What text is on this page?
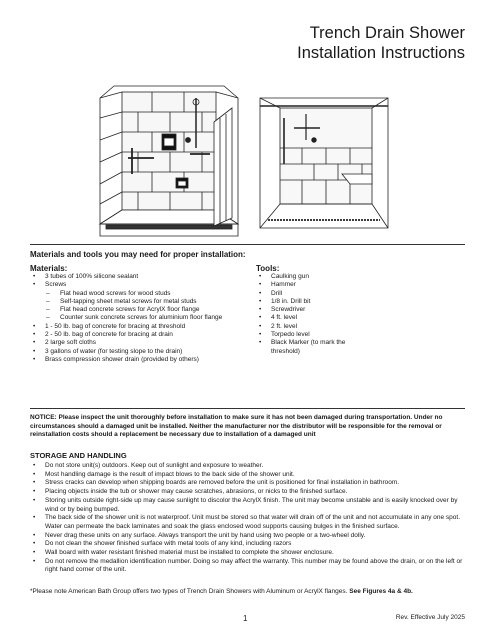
Trench Drain Shower
Installation Instructions
Materials and tools you may need for proper installation:
Materials:
• 3 tubes of 100% silicone sealant
• Screws
– Flat head wood screws for wood studs
– Self-tapping sheet metal screws for metal studs
– Flat head concrete screws for AcrylX floor flange
– Counter sunk concrete screws for aluminium floor flange
• 1 - 50 lb. bag of concrete for bracing at threshold
• 2 - 50 lb. bag of concrete for bracing at drain
• 2 large soft cloths
• 3 gallons of water (for testing slope to the drain)
• Brass compression shower drain (provided by others)
Tools:
• Caulking gun
• Hammer
• Drill
• 1/8 in. Drill bit
• Screwdriver
• 4 ft. level
• 2 ft. level
• Torpedo level
• Black Marker (to mark the threshold)
NOTICE: Please inspect the unit thoroughly before installation to make sure it has not been damaged during transportation. Under no circumstances should a damaged unit be installed. Neither the manufacturer nor the distributor will be responsible for the removal or reinstallation costs should a replacement be necessary due to installation of a damaged unit
STORAGE AND HANDLING
• Do not store unit(s) outdoors. Keep out of sunlight and exposure to weather.
• Most handling damage is the result of impact blows to the back side of the shower unit.
• Stress cracks can develop when shipping boards are removed before the unit is positioned for final installation in bathroom.
• Placing objects inside the tub or shower may cause scratches, abrasions, or nicks to the finished surface.
• Storing units outside right-side up may cause sunlight to discolor the AcrylX finish. The unit may become unstable and is easily knocked over by wind or by being bumped.
• The back side of the shower unit is not waterproof. Unit must be stored so that water will drain off of the unit and not accumulate in any one spot. Water can permeate the back laminates and soak the glass enclosed wood supports causing bulges in the finished surface.
• Never drag these units on any surface. Always transport the unit by hand using two people or a two-wheel dolly.
• Do not clean the shower finished surface with metal tools of any kind, including razors
• Wall board with water resistant finished material must be installed to complete the shower enclosure.
• Do not remove the medallion identification number. Doing so may affect the warranty. This number may be found above the drain, or on the left or right hand corner of the unit.
*Please note American Bath Group offers two types of Trench Drain Showers with Aluminum or AcrylX flanges. See Figures 4a & 4b.
1	Rev. Effective July 2025
